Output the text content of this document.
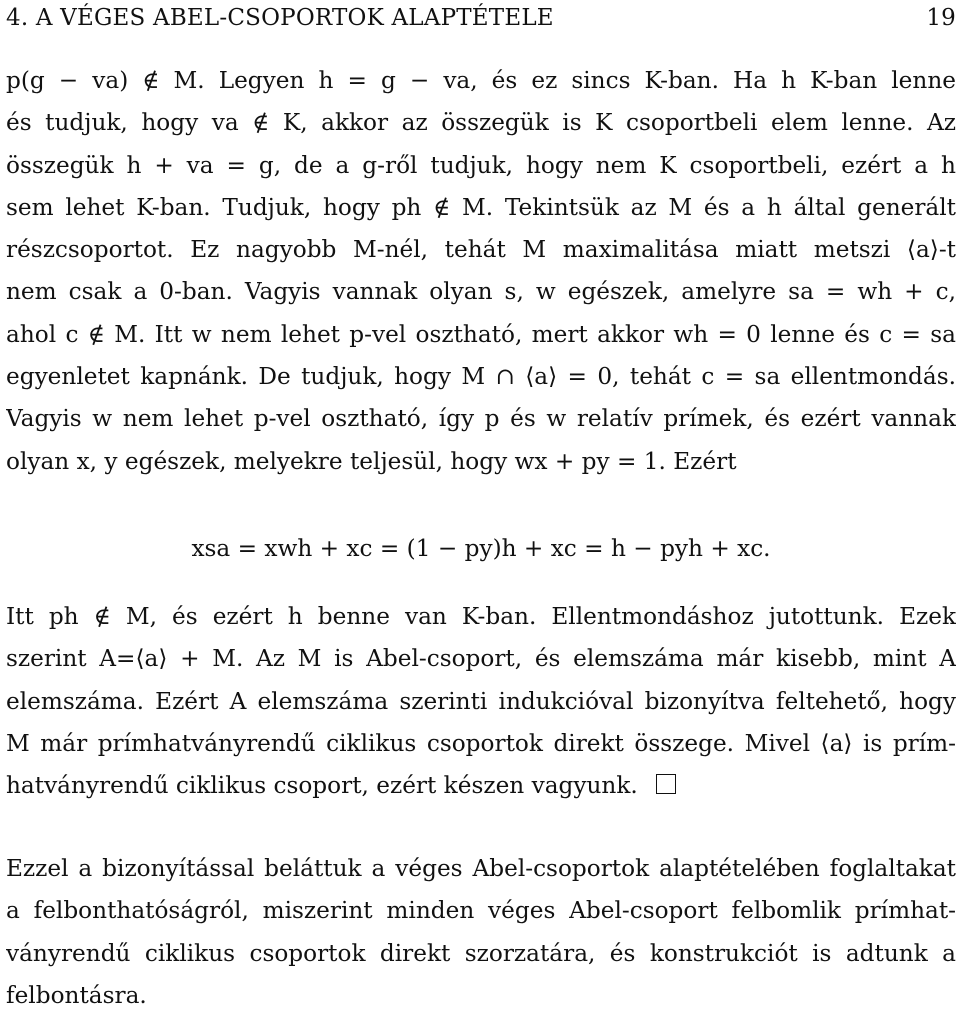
4. A VÉGES ABEL-CSOPORTOK ALAPTÉTELE	19
p(g − va) ∉ M. Legyen h = g − va, és ez sincs K-ban. Ha h K-ban lenne
és tudjuk, hogy va ∉ K, akkor az összegük is K csoportbeli elem lenne. Az
összegük h + va = g, de a g-ről tudjuk, hogy nem K csoportbeli, ezért a h
sem lehet K-ban. Tudjuk, hogy ph ∉ M. Tekintsük az M és a h által generált
részcsoportot. Ez nagyobb M-nél, tehát M maximalitása miatt metszi ⟨a⟩-t
nem csak a 0-ban. Vagyis vannak olyan s, w egészek, amelyre sa = wh + c,
ahol c ∉ M. Itt w nem lehet p-vel osztható, mert akkor wh = 0 lenne és c = sa
egyenletet kapnánk. De tudjuk, hogy M ∩ ⟨a⟩ = 0, tehát c = sa ellentmondás.
Vagyis w nem lehet p-vel osztható, így p és w relatív prímek, és ezért vannak
olyan x, y egészek, melyekre teljesül, hogy wx + py = 1. Ezért
xsa = xwh + xc = (1 − py)h + xc = h − pyh + xc.
Itt ph ∉ M, és ezért h benne van K-ban. Ellentmondáshoz jutottunk. Ezek
szerint A=⟨a⟩ + M. Az M is Abel-csoport, és elemszáma már kisebb, mint A
elemszáma. Ezért A elemszáma szerinti indukcióval bizonyítva feltehető, hogy
M már prímhatványrendű ciklikus csoportok direkt összege. Mivel ⟨a⟩ is prím-
hatványrendű ciklikus csoport, ezért készen vagyunk.
Ezzel a bizonyítással beláttuk a véges Abel-csoportok alaptételében foglaltakat
a felbonthatóságról, miszerint minden véges Abel-csoport felbomlik prímhat-
ványrendű ciklikus csoportok direkt szorzatára, és konstrukciót is adtunk a
felbontásra.
